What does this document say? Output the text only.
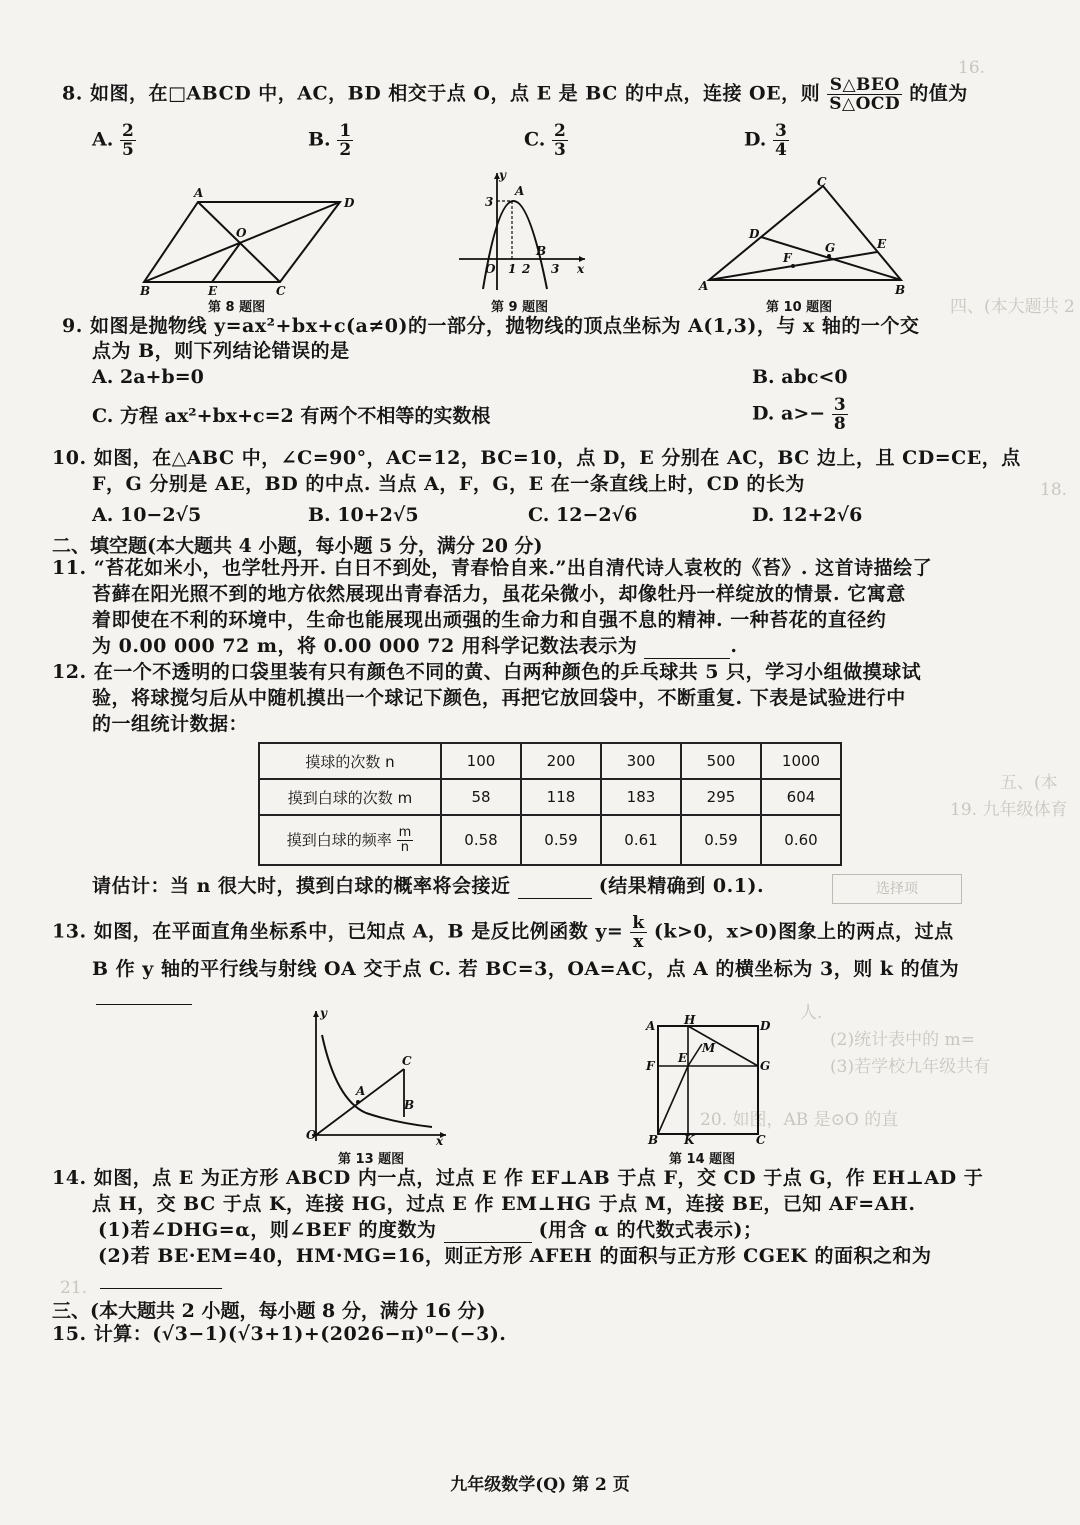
16.
四、(本大题共 2
18.
五、(本
19. 九年级体育
20. 如图，AB 是⊙O 的直
21.
人.
(2)统计表中的 m=
(3)若学校九年级共有
8. 如图，在□ABCD 中，AC，BD 相交于点 O，点 E 是 BC 的中点，连接 OE，则 $\frac{\text{S△BEO}}{\text{S△OCD}}$ 的值为
A. $\frac{2}{5}$	B. $\frac{1}{2}$	C. $\frac{2}{3}$	D. $\frac{3}{4}$
A
D
O
B	E	C
第 8 题图
y
A
3
O 1 2 3
B
x
第 9 题图
C
D
G	E
F
A	B
第 10 题图
9. 如图是抛物线 y=ax²+bx+c(a≠0)的一部分，抛物线的顶点坐标为 A(1,3)，与 x 轴的一个交
点为 B，则下列结论错误的是
A. 2a+b=0	B. abc<0
C. 方程 ax²+bx+c=2 有两个不相等的实数根	D. $a>- \frac{3}{8}$
10. 如图，在△ABC 中，∠C=90°，AC=12，BC=10，点 D，E 分别在 AC，BC 边上，且 CD=CE，点
F，G 分别是 AE，BD 的中点. 当点 A，F，G，E 在一条直线上时，CD 的长为
A. 10−2√5	B. 10+2√5	C. 12−2√6	D. 12+2√6
二、填空题(本大题共 4 小题，每小题 5 分，满分 20 分)
11. “苔花如米小，也学牡丹开. 白日不到处，青春恰自来.”出自清代诗人袁枚的《苔》. 这首诗描绘了
苔藓在阳光照不到的地方依然展现出青春活力，虽花朵微小，却像牡丹一样绽放的情景. 它寓意
着即使在不利的环境中，生命也能展现出顽强的生命力和自强不息的精神. 一种苔花的直径约
为 0.00 000 72 m，将 0.00 000 72 用科学记数法表示为	.
12. 在一个不透明的口袋里装有只有颜色不同的黄、白两种颜色的乒乓球共 5 只，学习小组做摸球试
验，将球搅匀后从中随机摸出一个球记下颜色，再把它放回袋中，不断重复. 下表是试验进行中
的一组统计数据：
摸球的次数 n	100	200	300	500	1000
摸到白球的次数 m	58	118	183	295	604
摸到白球的频率 $\frac{m}{n}$	0.58	0.59	0.61	0.59	0.60
请估计：当 n 很大时，摸到白球的概率将会接近	(结果精确到 0.1).	选择项
13. 如图，在平面直角坐标系中，已知点 A，B 是反比例函数 $y= \frac{k}{x} (k>0$，x>0)图象上的两点，过点
B 作 y 轴的平行线与射线 OA 交于点 C. 若 BC=3，OA=AC，点 A 的横坐标为 3，则 k 的值为
y
C
A
B
O	x
第 13 题图
A H	D
E
M
F	G
B K	C
第 14 题图
14. 如图，点 E 为正方形 ABCD 内一点，过点 E 作 EF⊥AB 于点 F，交 CD 于点 G，作 EH⊥AD 于
点 H，交 BC 于点 K，连接 HG，过点 E 作 EM⊥HG 于点 M，连接 BE，已知 AF=AH.
(1)若∠DHG=α，则∠BEF 的度数为	(用含 α 的代数式表示)；
(2)若 BE·EM=40，HM·MG=16，则正方形 AFEH 的面积与正方形 CGEK 的面积之和为
三、(本大题共 2 小题，每小题 8 分，满分 16 分)
15. 计算：(√3−1)(√3+1)+(2026−π)⁰−(−3).
九年级数学(Q) 第 2 页
